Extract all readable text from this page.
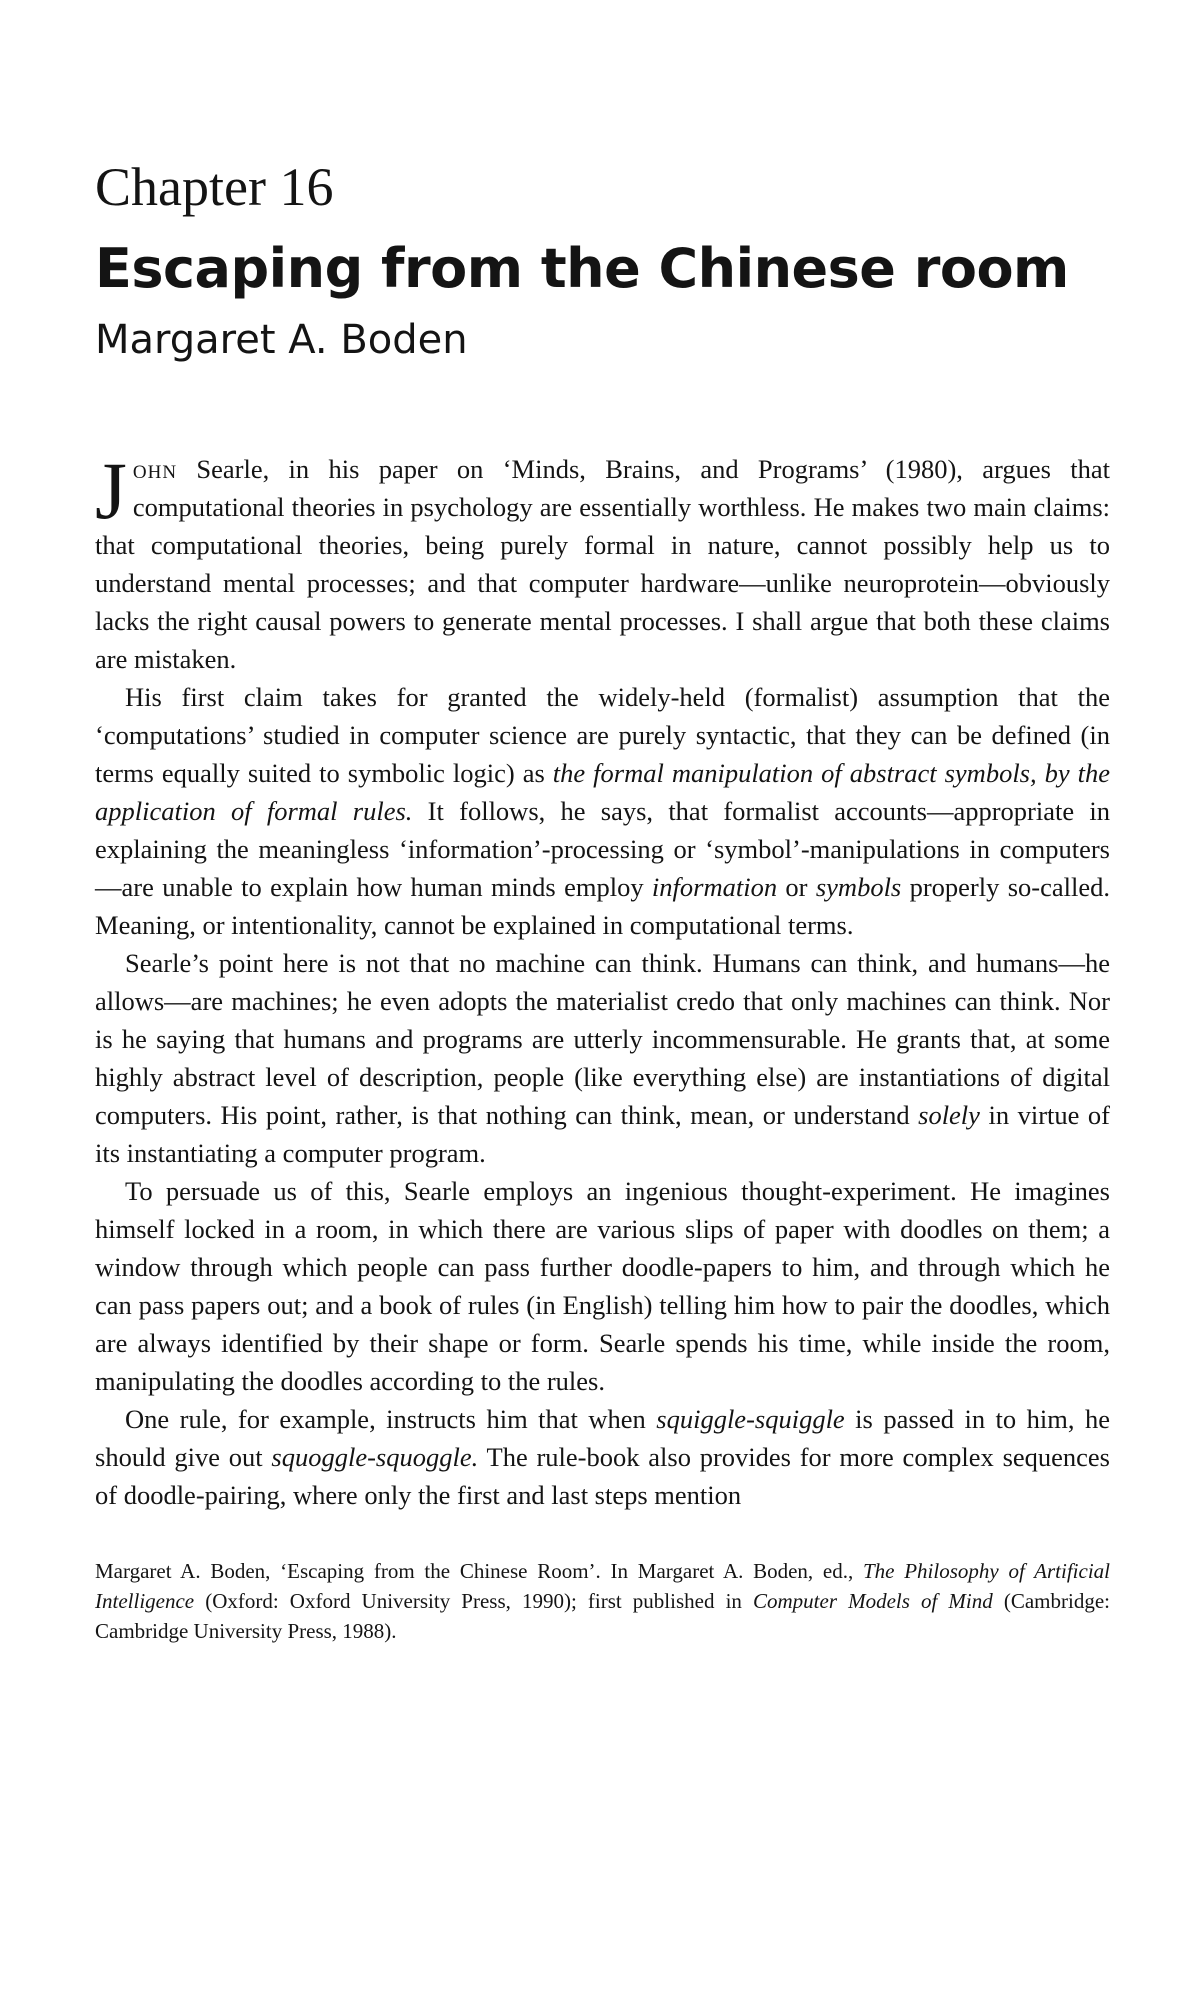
Chapter 16
Escaping from the Chinese room
Margaret A. Boden

John Searle, in his paper on ‘Minds, Brains, and Programs’ (1980), argues that computational theories in psychology are essentially worthless. He makes two main claims: that computational theories, being purely formal in nature, cannot possibly help us to understand mental processes; and that computer hardware—unlike neuroprotein—obviously lacks the right causal powers to generate mental processes. I shall argue that both these claims are mistaken.

His first claim takes for granted the widely-held (formalist) assumption that the ‘computations’ studied in computer science are purely syntactic, that they can be defined (in terms equally suited to symbolic logic) as the formal manipulation of abstract symbols, by the application of formal rules. It follows, he says, that formalist accounts—appropriate in explaining the meaningless ‘information’-processing or ‘symbol’-manipulations in computers—are unable to explain how human minds employ information or symbols properly so-called. Meaning, or intentionality, cannot be explained in computational terms.

Searle’s point here is not that no machine can think. Humans can think, and humans—he allows—are machines; he even adopts the materialist credo that only machines can think. Nor is he saying that humans and programs are utterly incommensurable. He grants that, at some highly abstract level of description, people (like everything else) are instantiations of digital computers. His point, rather, is that nothing can think, mean, or understand solely in virtue of its instantiating a computer program.

To persuade us of this, Searle employs an ingenious thought-experiment. He imagines himself locked in a room, in which there are various slips of paper with doodles on them; a window through which people can pass further doodle-papers to him, and through which he can pass papers out; and a book of rules (in English) telling him how to pair the doodles, which are always identified by their shape or form. Searle spends his time, while inside the room, manipulating the doodles according to the rules.

One rule, for example, instructs him that when squiggle-squiggle is passed in to him, he should give out squoggle-squoggle. The rule-book also provides for more complex sequences of doodle-pairing, where only the first and last steps mention

Margaret A. Boden, ‘Escaping from the Chinese Room’. In Margaret A. Boden, ed., The Philosophy of Artificial Intelligence (Oxford: Oxford University Press, 1990); first published in Computer Models of Mind (Cambridge: Cambridge University Press, 1988).
